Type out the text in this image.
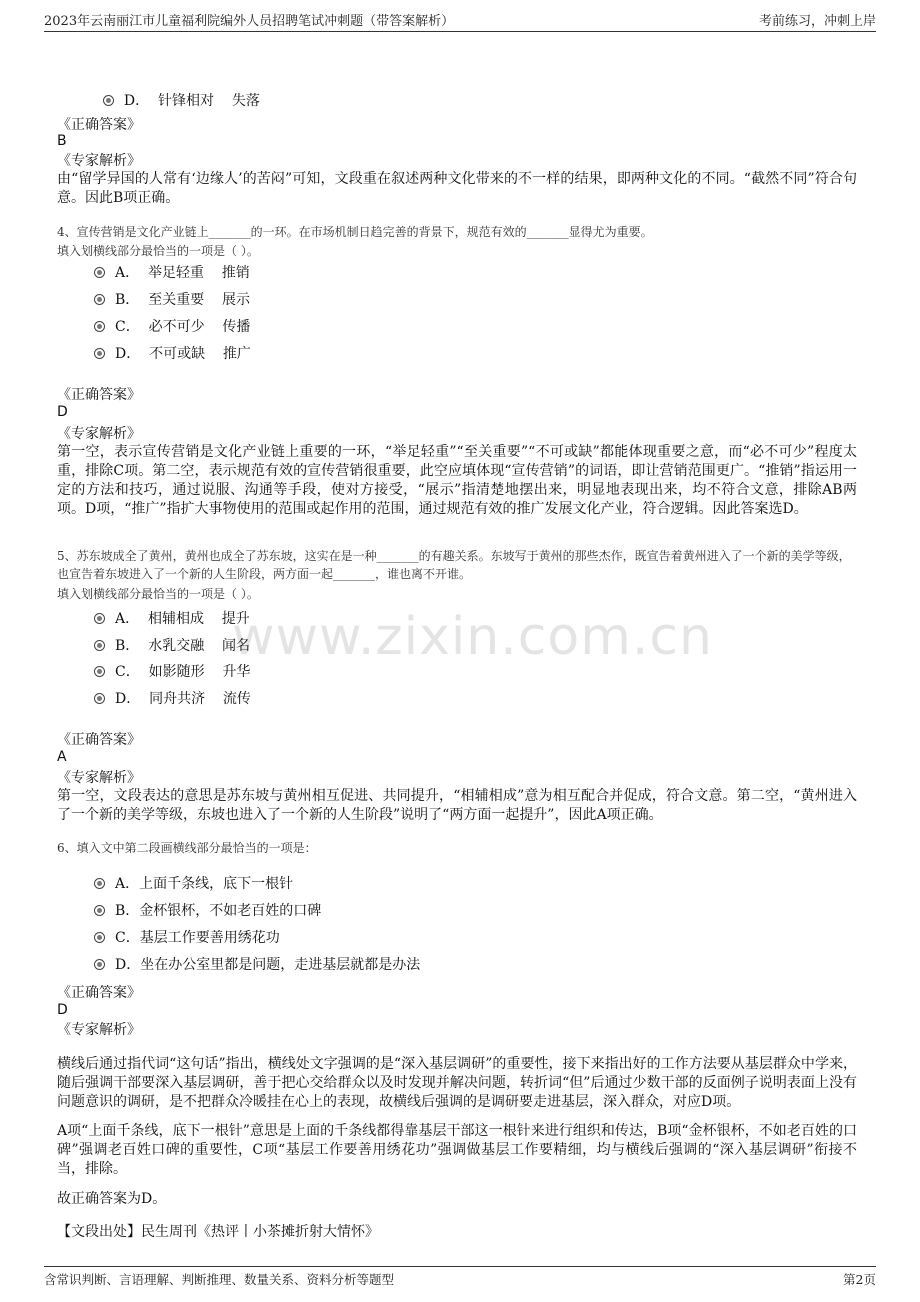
2023年云南丽江市儿童福利院编外人员招聘笔试冲刺题（带答案解析）	考前练习，冲刺上岸
www.zixin.com.cn

D．  针锋相对    失落

《正确答案》
B
《专家解析》
由“留学异国的人常有‘边缘人’的苦闷”可知，文段重在叙述两种文化带来的不一样的结果，即两种文化的不同。“截然不同”符合句意。因此B项正确。
4、宣传营销是文化产业链上_______的一环。在市场机制日趋完善的背景下，规范有效的_______显得尤为重要。
填入划横线部分最恰当的一项是（ ）。
A．  举足轻重    推销
B．  至关重要    展示
C．  必不可少    传播
D．  不可或缺    推广
《正确答案》
D
《专家解析》
第一空，表示宣传营销是文化产业链上重要的一环，“举足轻重”“至关重要”“不可或缺”都能体现重要之意，而“必不可少”程度太重，排除C项。第二空，表示规范有效的宣传营销很重要，此空应填体现“宣传营销”的词语，即让营销范围更广。“推销”指运用一定的方法和技巧，通过说服、沟通等手段，使对方接受，“展示”指清楚地摆出来，明显地表现出来，均不符合文意，排除AB两项。D项，“推广”指扩大事物使用的范围或起作用的范围，通过规范有效的推广发展文化产业，符合逻辑。因此答案选D。
5、苏东坡成全了黄州，黄州也成全了苏东坡，这实在是一种_______的有趣关系。东坡写于黄州的那些杰作，既宣告着黄州进入了一个新的美学等级，也宣告着东坡进入了一个新的人生阶段，两方面一起_______，谁也离不开谁。
填入划横线部分最恰当的一项是（ ）。
A．  相辅相成    提升
B．  水乳交融    闻名
C．  如影随形    升华
D．  同舟共济    流传
《正确答案》
A
《专家解析》
第一空，文段表达的意思是苏东坡与黄州相互促进、共同提升，“相辅相成”意为相互配合并促成，符合文意。第二空，“黄州进入了一个新的美学等级，东坡也进入了一个新的人生阶段”说明了“两方面一起提升”，因此A项正确。
6、填入文中第二段画横线部分最恰当的一项是：
A．上面千条线，底下一根针
B．金杯银杯，不如老百姓的口碑
C．基层工作要善用绣花功
D．坐在办公室里都是问题，走进基层就都是办法
《正确答案》
D
《专家解析》
横线后通过指代词“这句话”指出，横线处文字强调的是“深入基层调研”的重要性，接下来指出好的工作方法要从基层群众中学来，随后强调干部要深入基层调研，善于把心交给群众以及时发现并解决问题，转折词“但”后通过少数干部的反面例子说明表面上没有问题意识的调研，是不把群众冷暖挂在心上的表现，故横线后强调的是调研要走进基层，深入群众，对应D项。
A项“上面千条线，底下一根针”意思是上面的千条线都得靠基层干部这一根针来进行组织和传达，B项“金杯银杯，不如老百姓的口碑”强调老百姓口碑的重要性，C项“基层工作要善用绣花功”强调做基层工作要精细，均与横线后强调的“深入基层调研”衔接不当，排除。
故正确答案为D。
【文段出处】民生周刊《热评丨小茶摊折射大情怀》
含常识判断、言语理解、判断推理、数量关系、资料分析等题型	第2页
